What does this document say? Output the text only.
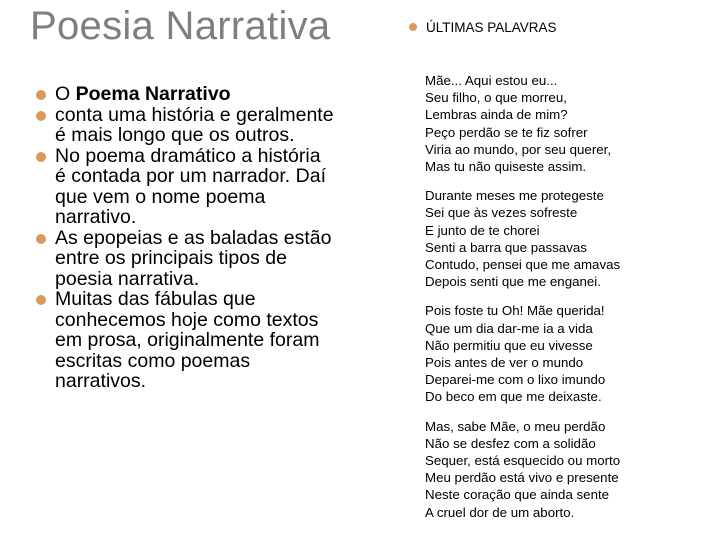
Poesia Narrativa
O Poema Narrativo
conta uma história e geralmente é mais longo que os outros.
No poema dramático a história é contada por um narrador. Daí que vem o nome poema narrativo.
As epopeias e as baladas estão entre os principais tipos de poesia narrativa.
Muitas das fábulas que conhecemos hoje como textos em prosa, originalmente foram escritas como poemas narrativos.
ÚLTIMAS PALAVRAS
Mãe... Aqui estou eu...
Seu filho, o que morreu,
Lembras ainda de mim?
Peço perdão se te fiz sofrer
Viria ao mundo, por seu querer,
Mas tu não quiseste assim.
Durante meses me protegeste
Sei que às vezes sofreste
E junto de te chorei
Senti a barra que passavas
Contudo, pensei que me amavas
Depois senti que me enganei.
Pois foste tu Oh! Mãe querida!
Que um dia dar-me ia a vida
Não permitiu que eu vivesse
Pois antes de ver o mundo
Deparei-me com o lixo imundo
Do beco em que me deixaste.
Mas, sabe Mãe, o meu perdão
Não se desfez com a solidão
Sequer, está esquecido ou morto
Meu perdão está vivo e presente
Neste coração que ainda sente
A cruel dor de um aborto.
